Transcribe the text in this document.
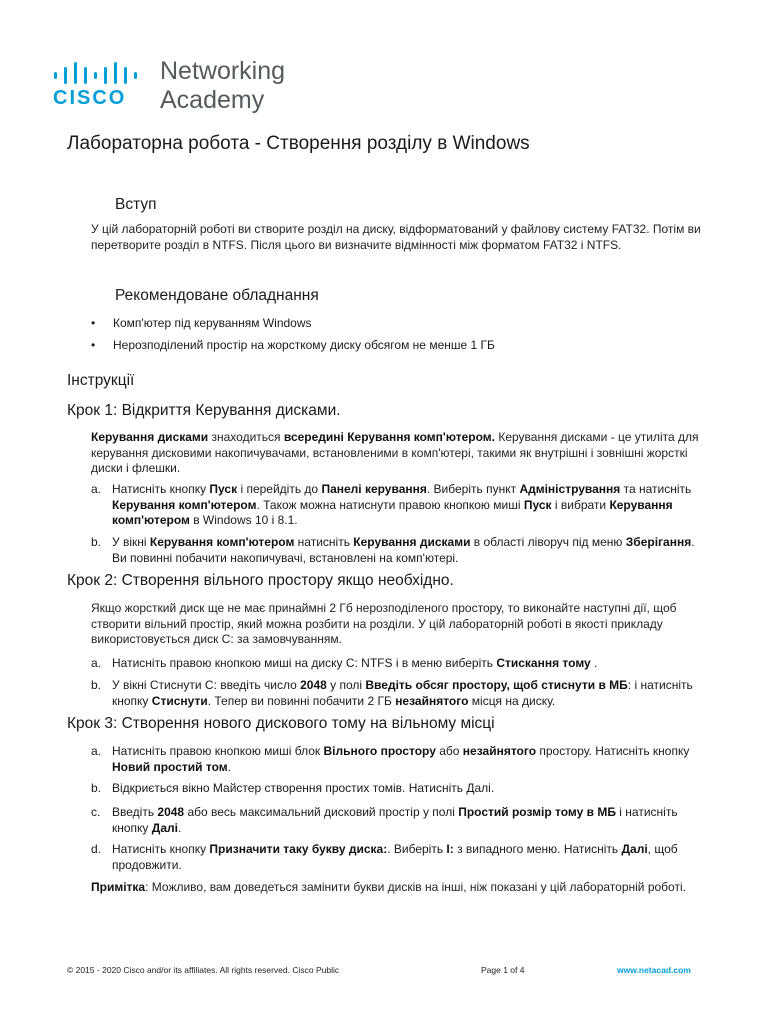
CISCO
Networking
Academy
Лабораторна робота - Створення розділу в Windows
Вступ

У цій лабораторній роботі ви створите розділ на диску, відформатований у файлову систему FAT32. Потім ви перетворите розділ в NTFS. Після цього ви визначите відмінності між форматом FAT32 і NTFS.

Рекомендоване обладнання
• Комп'ютер під керуванням Windows
• Нерозподілений простір на жорсткому диску обсягом не менше 1 ГБ
Інструкції
Крок 1: Відкриття Керування дисками.

Керування дисками знаходиться всередині Керування комп'ютером. Керування дисками - це утиліта для керування дисковими накопичувачами, встановленими в комп'ютері, такими як внутрішні і зовнішні жорсткі диски і флешки.

a. Натисніть кнопку Пуск і перейдіть до Панелі керування. Виберіть пункт Адміністрування та натисніть Керування комп'ютером. Також можна натиснути правою кнопкою миші Пуск і вибрати Керування комп'ютером в Windows 10 і 8.1.
b. У вікні Керування комп'ютером натисніть Керування дисками в області ліворуч під меню Зберігання. Ви повинні побачити накопичувачі, встановлені на комп'ютері.
Крок 2: Створення вільного простору якщо необхідно.

Якщо жорсткий диск ще не має принаймні 2 Гб нерозподіленого простору, то виконайте наступні дії, щоб створити вільний простір, який можна розбити на розділи. У цій лабораторній роботі в якості прикладу використовується диск C: за замовчуванням.

a. Натисніть правою кнопкою миші на диску C: NTFS і в меню виберіть Стискання тому .
b. У вікні Стиснути C: введіть число 2048 у полі Введіть обсяг простору, щоб стиснути в МБ: і натисніть кнопку Стиснути. Тепер ви повинні побачити 2 ГБ незайнятого місця на диску.
Крок 3: Створення нового дискового тому на вільному місці
a. Натисніть правою кнопкою миші блок Вільного простору або незайнятого простору. Натисніть кнопку Новий простий том.
b. Відкриється вікно Майстер створення простих томів. Натисніть Далі.
c. Введіть 2048 або весь максимальний дисковий простір у полі Простий розмір тому в МБ і натисніть кнопку Далі.
d. Натисніть кнопку Призначити таку букву диска:. Виберіть I: з випадного меню. Натисніть Далі, щоб продовжити.

Примітка: Можливо, вам доведеться замінити букви дисків на інші, ніж показані у цій лабораторній роботі.

© 2015 - 2020 Cisco and/or its affiliates. All rights reserved. Cisco Public	Page 1 of 4	www.netacad.com
